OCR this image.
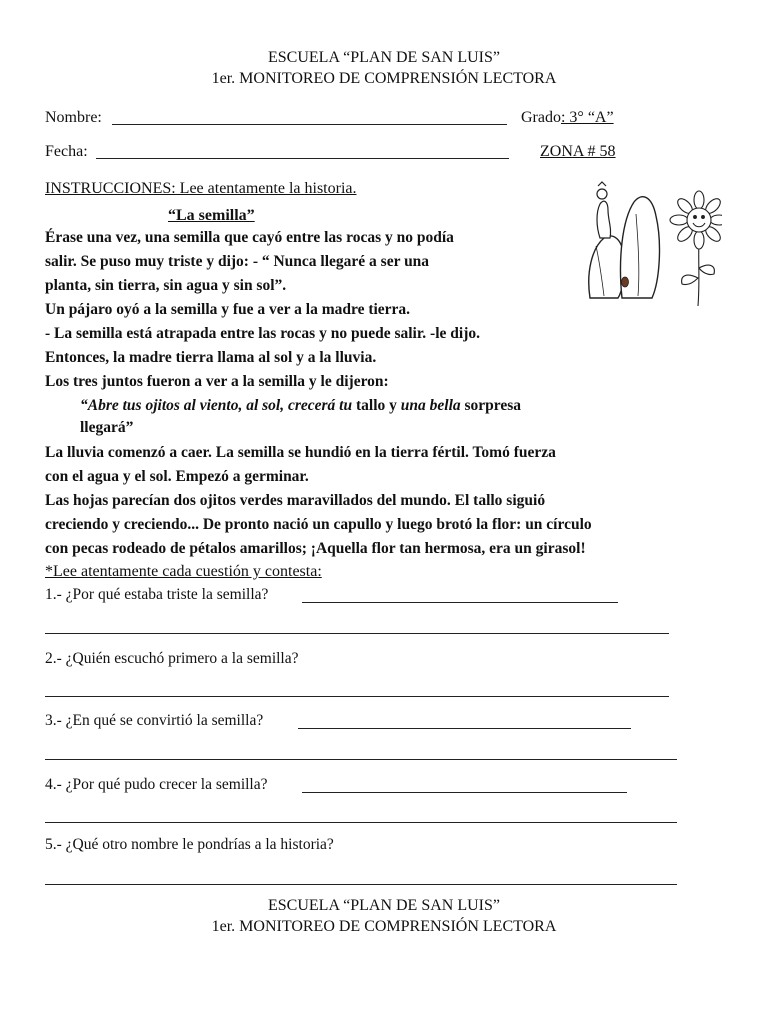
ESCUELA “PLAN DE SAN LUIS”
1er. MONITOREO DE COMPRENSIÓN LECTORA
Nombre:	Grado: 3° “A”
Fecha:	ZONA # 58
INSTRUCCIONES: Lee atentamente la historia.
“La semilla”
Érase una vez, una semilla que cayó entre las rocas y no podía
salir. Se puso muy triste y dijo: - “ Nunca llegaré a ser una
planta, sin tierra, sin agua y sin sol”.
Un pájaro oyó a la semilla y fue a ver a la madre tierra.
- La semilla está atrapada entre las rocas y no puede salir. -le dijo.
Entonces, la madre tierra llama al sol y a la lluvia.
Los tres juntos fueron a ver a la semilla y le dijeron:
“Abre tus ojitos al viento, al sol, crecerá tu tallo y una bella sorpresa
llegará”
La lluvia comenzó a caer. La semilla se hundió en la tierra fértil. Tomó fuerza
con el agua y el sol. Empezó a germinar.
Las hojas parecían dos ojitos verdes maravillados del mundo. El tallo siguió
creciendo y creciendo... De pronto nació un capullo y luego brotó la flor: un círculo
con pecas rodeado de pétalos amarillos; ¡Aquella flor tan hermosa, era un girasol!
*Lee atentamente cada cuestión y contesta:
1.- ¿Por qué estaba triste la semilla?
2.- ¿Quién escuchó primero a la semilla?
3.- ¿En qué se convirtió la semilla?
4.- ¿Por qué pudo crecer la semilla?
5.- ¿Qué otro nombre le pondrías a la historia?
ESCUELA “PLAN DE SAN LUIS”
1er. MONITOREO DE COMPRENSIÓN LECTORA
